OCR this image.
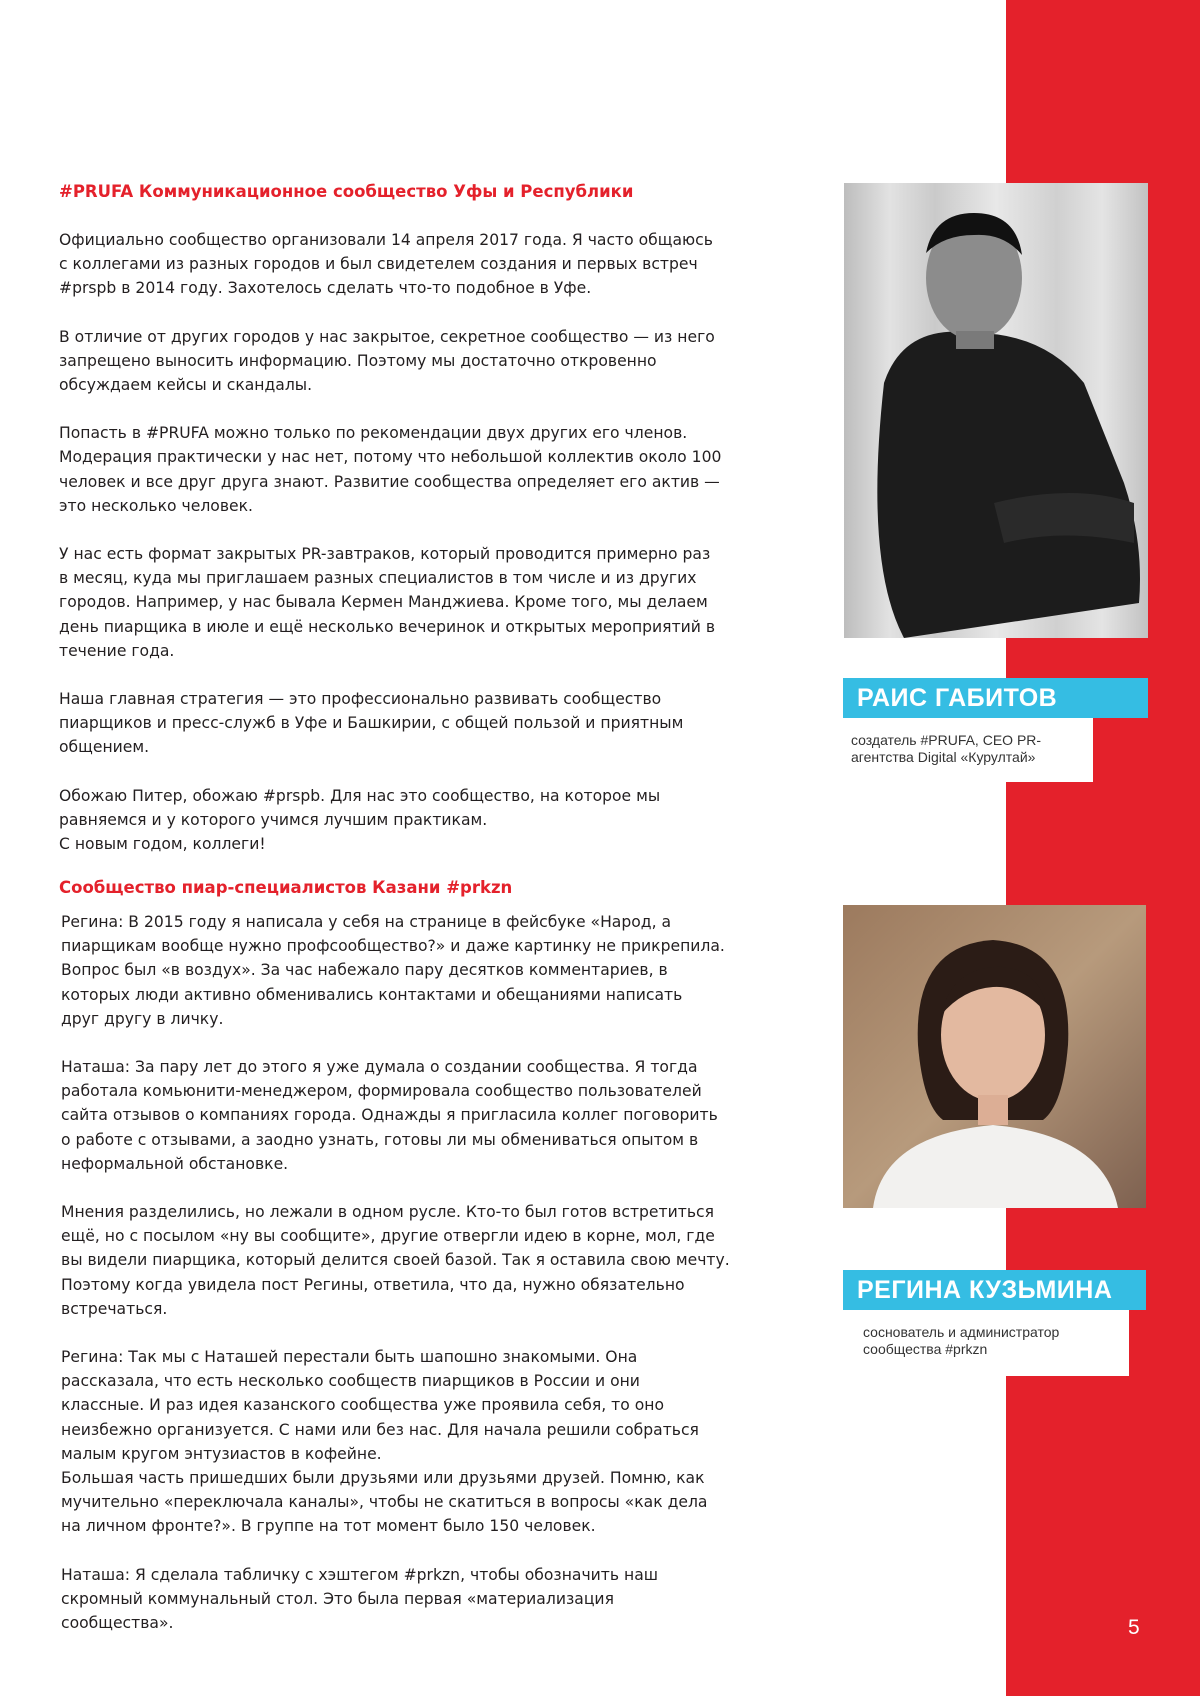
#PRUFA Коммуникационное сообщество Уфы и Республики

Официально сообщество организовали 14 апреля 2017 года. Я часто общаюсь
с коллегами из разных городов и был свидетелем создания и первых встреч
#prspb в 2014 году. Захотелось сделать что-то подобное в Уфе.

В отличие от других городов у нас закрытое, секретное сообщество — из него
запрещено выносить информацию. Поэтому мы достаточно откровенно
обсуждаем кейсы и скандалы.

Попасть в #PRUFA можно только по рекомендации двух других его членов.
Модерация практически у нас нет, потому что небольшой коллектив около 100
человек и все друг друга знают. Развитие сообщества определяет его актив —
это несколько человек.

У нас есть формат закрытых PR-завтраков, который проводится примерно раз
в месяц, куда мы приглашаем разных специалистов в том числе и из других
городов. Например, у нас бывала Кермен Манджиева. Кроме того, мы делаем
день пиарщика в июле и ещё несколько вечеринок и открытых мероприятий в
течение года.

Наша главная стратегия — это профессионально развивать сообщество
пиарщиков и пресс-служб в Уфе и Башкирии, с общей пользой и приятным
общением.

Обожаю Питер, обожаю #prspb. Для нас это сообщество, на которое мы
равняемся и у которого учимся лучшим практикам.
С новым годом, коллеги!

Сообщество пиар-специалистов Казани #prkzn

Регина: В 2015 году я написала у себя на странице в фейсбуке «Народ, а
пиарщикам вообще нужно профсообщество?» и даже картинку не прикрепила.
Вопрос был «в воздух». За час набежало пару десятков комментариев, в
которых люди активно обменивались контактами и обещаниями написать
друг другу в личку.

Наташа: За пару лет до этого я уже думала о создании сообщества. Я тогда
работала комьюнити-менеджером, формировала сообщество пользователей
сайта отзывов о компаниях города. Однажды я пригласила коллег поговорить
о работе с отзывами, а заодно узнать, готовы ли мы обмениваться опытом в
неформальной обстановке.

Мнения разделились, но лежали в одном русле. Кто-то был готов встретиться
ещё, но с посылом «ну вы сообщите», другие отвергли идею в корне, мол, где
вы видели пиарщика, который делится своей базой. Так я оставила свою мечту.
Поэтому когда увидела пост Регины, ответила, что да, нужно обязательно
встречаться.

Регина: Так мы с Наташей перестали быть шапошно знакомыми. Она
рассказала, что есть несколько сообществ пиарщиков в России и они
классные. И раз идея казанского сообщества уже проявила себя, то оно
неизбежно организуется. С нами или без нас. Для начала решили собраться
малым кругом энтузиастов в кофейне.
Большая часть пришедших были друзьями или друзьями друзей. Помню, как
мучительно «переключала каналы», чтобы не скатиться в вопросы «как дела
на личном фронте?». В группе на тот момент было 150 человек.

Наташа: Я сделала табличку с хэштегом #prkzn, чтобы обозначить наш
скромный коммунальный стол. Это была первая «материализация
сообщества».

РАИС ГАБИТОВ
создатель #PRUFA, CEO PR-
агентства Digital «Курултай»
РЕГИНА КУЗЬМИНА
соснователь и администратор
сообщества #prkzn
5
